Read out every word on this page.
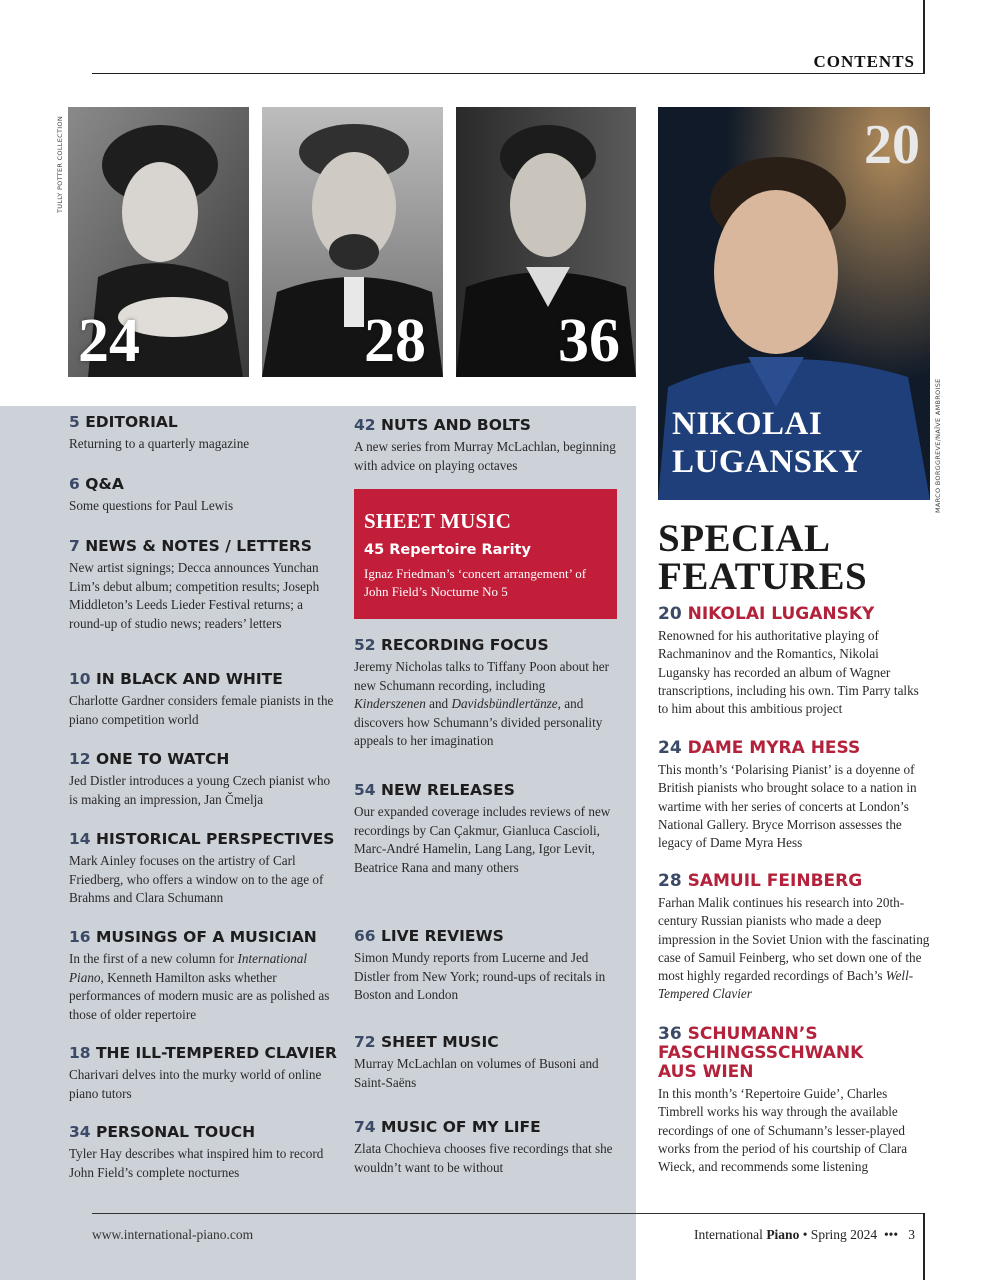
CONTENTS
TULLY POTTER COLLECTION
MARCO BORGGREVE/NAÏVE AMBROISE
24	28 36
20
NIKOLAI
LUGANSKY
5 EDITORIAL
Returning to a quarterly magazine
6 Q&A
Some questions for Paul Lewis
7 NEWS & NOTES / LETTERS
New artist signings; Decca announces Yunchan Lim’s debut album; competition results; Joseph Middleton’s Leeds Lieder Festival returns; a round-up of studio news; readers’ letters
10 IN BLACK AND WHITE
Charlotte Gardner considers female pianists in the piano competition world
12 ONE TO WATCH
Jed Distler introduces a young Czech pianist who is making an impression, Jan Čmelja
14 HISTORICAL PERSPECTIVES
Mark Ainley focuses on the artistry of Carl Friedberg, who offers a window on to the age of Brahms and Clara Schumann
16 MUSINGS OF A MUSICIAN
In the first of a new column for International Piano, Kenneth Hamilton asks whether performances of modern music are as polished as those of older repertoire
18 THE ILL-TEMPERED CLAVIER
Charivari delves into the murky world of online piano tutors
34 PERSONAL TOUCH
Tyler Hay describes what inspired him to record John Field’s complete nocturnes
42 NUTS AND BOLTS
A new series from Murray McLachlan, beginning with advice on playing octaves
SHEET MUSIC
45 Repertoire Rarity
Ignaz Friedman’s ‘concert arrangement’ of John Field’s Nocturne No 5
52 RECORDING FOCUS
Jeremy Nicholas talks to Tiffany Poon about her new Schumann recording, including Kinderszenen and Davidsbündlertänze, and discovers how Schumann’s divided personality appeals to her imagination
54 NEW RELEASES
Our expanded coverage includes reviews of new recordings by Can Çakmur, Gianluca Cascioli, Marc-André Hamelin, Lang Lang, Igor Levit, Beatrice Rana and many others
66 LIVE REVIEWS
Simon Mundy reports from Lucerne and Jed Distler from New York; round-ups of recitals in Boston and London
72 SHEET MUSIC
Murray McLachlan on volumes of Busoni and Saint-Saëns
74 MUSIC OF MY LIFE
Zlata Chochieva chooses five recordings that she wouldn’t want to be without
SPECIAL
FEATURES
20 NIKOLAI LUGANSKY
Renowned for his authoritative playing of Rachmaninov and the Romantics, Nikolai Lugansky has recorded an album of Wagner transcriptions, including his own. Tim Parry talks to him about this ambitious project
24 DAME MYRA HESS
This month’s ‘Polarising Pianist’ is a doyenne of British pianists who brought solace to a nation in wartime with her series of concerts at London’s National Gallery. Bryce Morrison assesses the legacy of Dame Myra Hess
28 SAMUIL FEINBERG
Farhan Malik continues his research into 20th-century Russian pianists who made a deep impression in the Soviet Union with the fascinating case of Samuil Feinberg, who set down one of the most highly regarded recordings of Bach’s Well-Tempered Clavier
36 SCHUMANN’S
FASCHINGSSCHWANK
AUS WIEN
In this month’s ‘Repertoire Guide’, Charles Timbrell works his way through the available recordings of one of Schumann’s lesser-played works from the period of his courtship of Clara Wieck, and recommends some listening
www.international-piano.com	International Piano • Spring 2024 ••• 3
